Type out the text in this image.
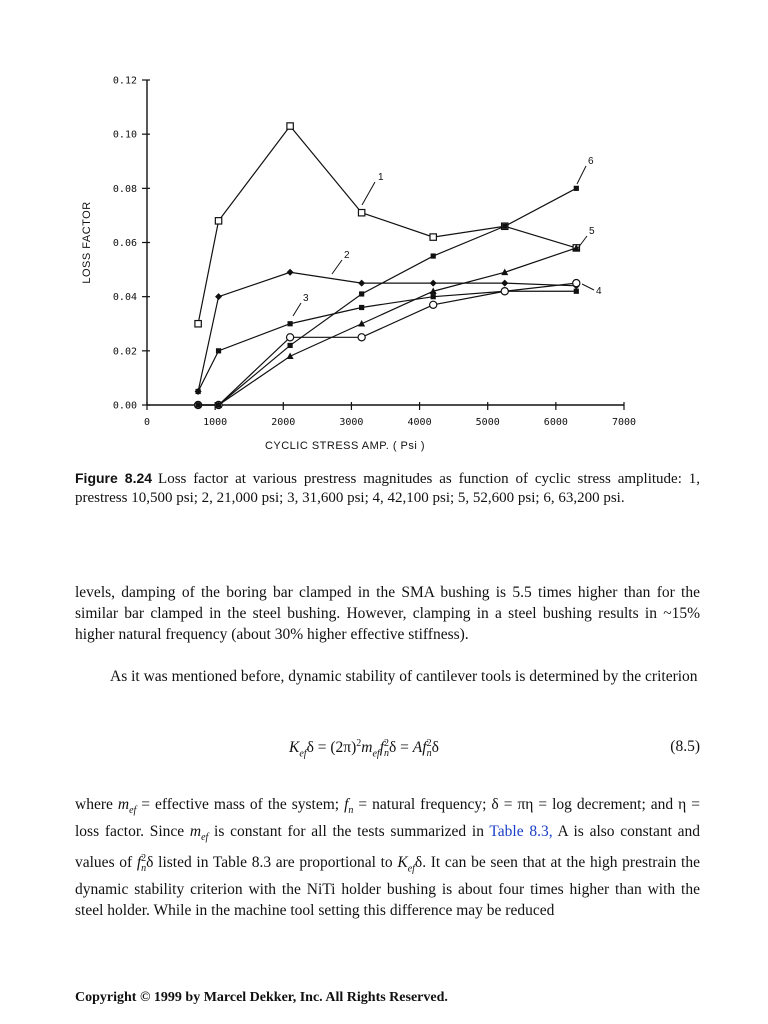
0.00
0.02
0.04
0.06
0.08
0.10
0.12
0	1000	2000	3000	4000	5000	6000	7000
CYCLIC STRESS AMP. ( Psi )
LOSS FACTOR
1
2
3
4
5
6
Figure 8.24 Loss factor at various prestress magnitudes as function of cyclic stress amplitude: 1, prestress 10,500 psi; 2, 21,000 psi; 3, 31,600 psi; 4, 42,100 psi; 5, 52,600 psi; 6, 63,200 psi.

levels, damping of the boring bar clamped in the SMA bushing is 5.5 times higher than for the similar bar clamped in the steel bushing. However, clamping in a steel bushing results in ~15% higher natural frequency (about 30% higher effective stiffness).

As it was mentioned before, dynamic stability of cantilever tools is determined by the criterion

$K_{ef}\delta = (2\pi)^2m_{ef}f^2_n\delta = Af^2_n\delta$	(8.5)

where $m_{ef}$ = effective mass of the system; $f_n$ = natural frequency; δ = πη = log decrement; and η = loss factor. Since $m_{ef}$ is constant for all the tests summarized in Table 8.3, A is also constant and values of $f^2_n\delta$ listed in Table 8.3 are proportional to $K_{ef}\delta$. It can be seen that at the high prestrain the dynamic stability criterion with the NiTi holder bushing is about four times higher than with the steel holder. While in the machine tool setting this difference may be reduced

Copyright © 1999 by Marcel Dekker, Inc. All Rights Reserved.
